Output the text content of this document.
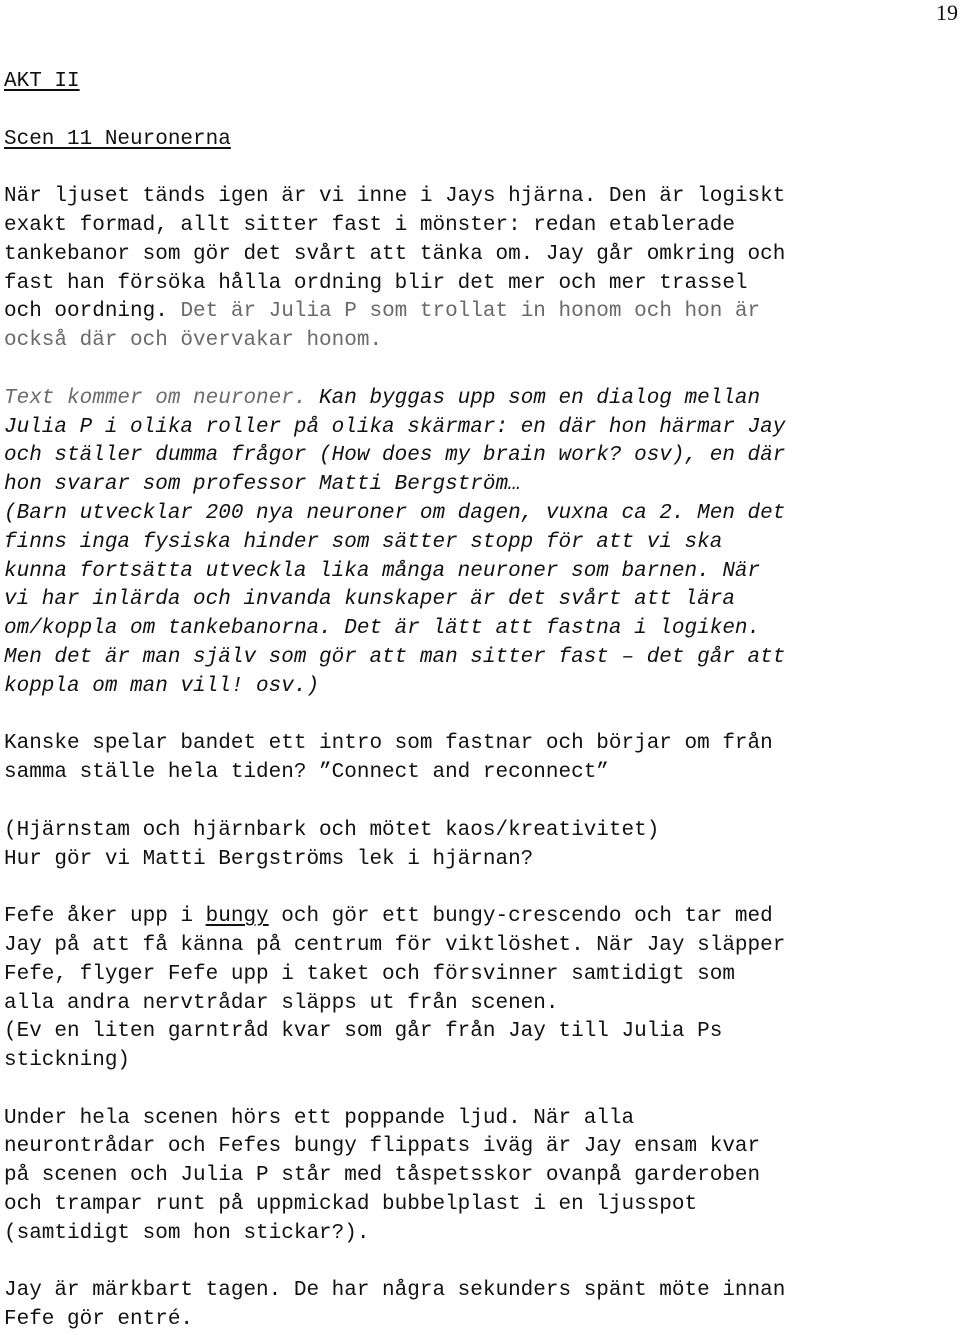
19

AKT II

Scen 11 Neuronerna

När ljuset tänds igen är vi inne i Jays hjärna. Den är logiskt
exakt formad, allt sitter fast i mönster: redan etablerade
tankebanor som gör det svårt att tänka om. Jay går omkring och
fast han försöka hålla ordning blir det mer och mer trassel
och oordning. Det är Julia P som trollat in honom och hon är
också där och övervakar honom.

Text kommer om neuroner. Kan byggas upp som en dialog mellan
Julia P i olika roller på olika skärmar: en där hon härmar Jay
och ställer dumma frågor (How does my brain work? osv), en där
hon svarar som professor Matti Bergström…
(Barn utvecklar 200 nya neuroner om dagen, vuxna ca 2. Men det
finns inga fysiska hinder som sätter stopp för att vi ska
kunna fortsätta utveckla lika många neuroner som barnen. När
vi har inlärda och invanda kunskaper är det svårt att lära
om/koppla om tankebanorna. Det är lätt att fastna i logiken.
Men det är man själv som gör att man sitter fast – det går att
koppla om man vill! osv.)

Kanske spelar bandet ett intro som fastnar och börjar om från
samma ställe hela tiden? ”Connect and reconnect”

(Hjärnstam och hjärnbark och mötet kaos/kreativitet)
Hur gör vi Matti Bergströms lek i hjärnan?

Fefe åker upp i bungy och gör ett bungy-crescendo och tar med
Jay på att få känna på centrum för viktlöshet. När Jay släpper
Fefe, flyger Fefe upp i taket och försvinner samtidigt som
alla andra nervtrådar släpps ut från scenen.
(Ev en liten garntråd kvar som går från Jay till Julia Ps
stickning)

Under hela scenen hörs ett poppande ljud. När alla
neurontrådar och Fefes bungy flippats iväg är Jay ensam kvar
på scenen och Julia P står med tåspetsskor ovanpå garderoben
och trampar runt på uppmickad bubbelplast i en ljusspot
(samtidigt som hon stickar?).

Jay är märkbart tagen. De har några sekunders spänt möte innan
Fefe gör entré.
